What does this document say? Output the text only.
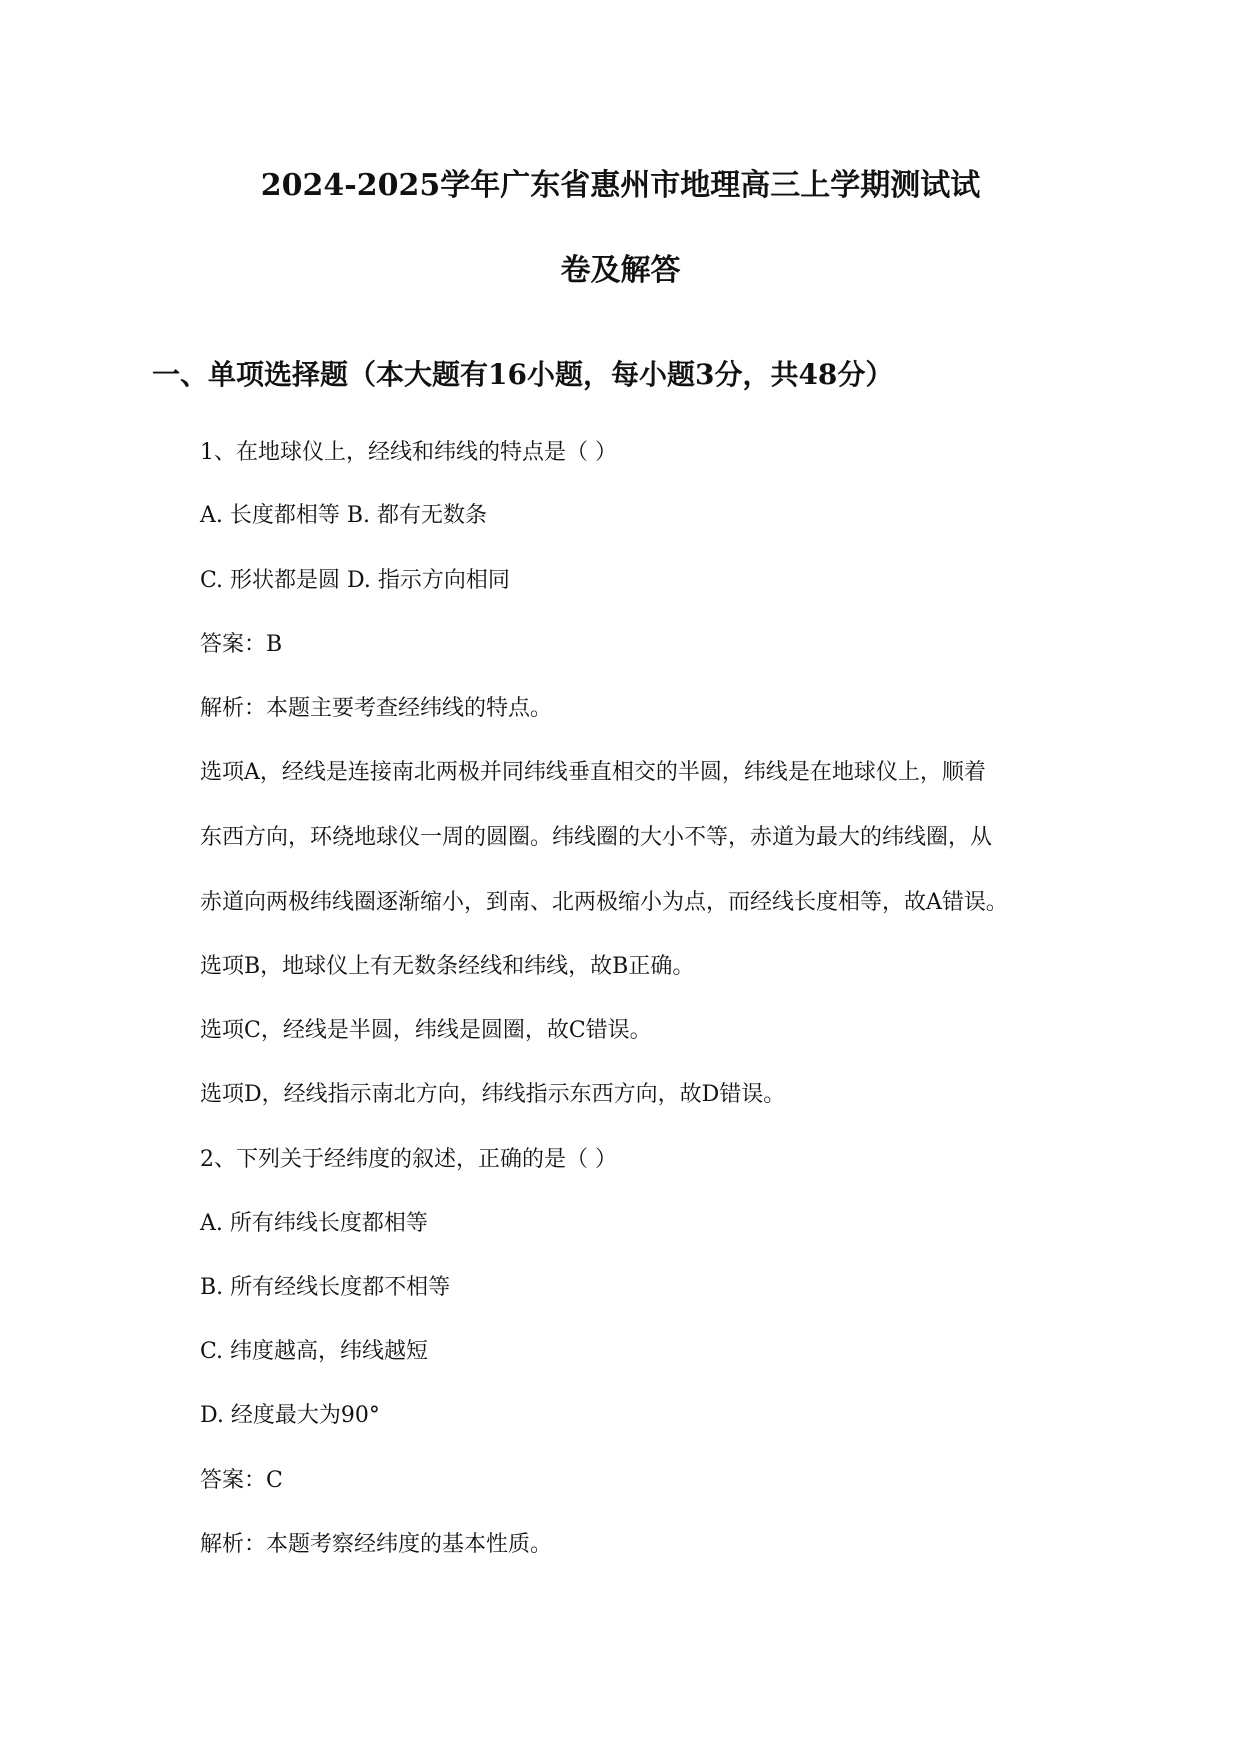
2024-2025学年广东省惠州市地理高三上学期测试试
卷及解答
一、单项选择题（本大题有16小题，每小题3分，共48分）
1、在地球仪上，经线和纬线的特点是（ ）
A. 长度都相等 B. 都有无数条
C. 形状都是圆 D. 指示方向相同
答案：B
解析：本题主要考查经纬线的特点。
选项A，经线是连接南北两极并同纬线垂直相交的半圆，纬线是在地球仪上，顺着
东西方向，环绕地球仪一周的圆圈。纬线圈的大小不等，赤道为最大的纬线圈，从
赤道向两极纬线圈逐渐缩小，到南、北两极缩小为点，而经线长度相等，故A错误。
选项B，地球仪上有无数条经线和纬线，故B正确。
选项C，经线是半圆，纬线是圆圈，故C错误。
选项D，经线指示南北方向，纬线指示东西方向，故D错误。
2、下列关于经纬度的叙述，正确的是（ ）
A. 所有纬线长度都相等
B. 所有经线长度都不相等
C. 纬度越高，纬线越短
D. 经度最大为90°
答案：C
解析：本题考察经纬度的基本性质。
